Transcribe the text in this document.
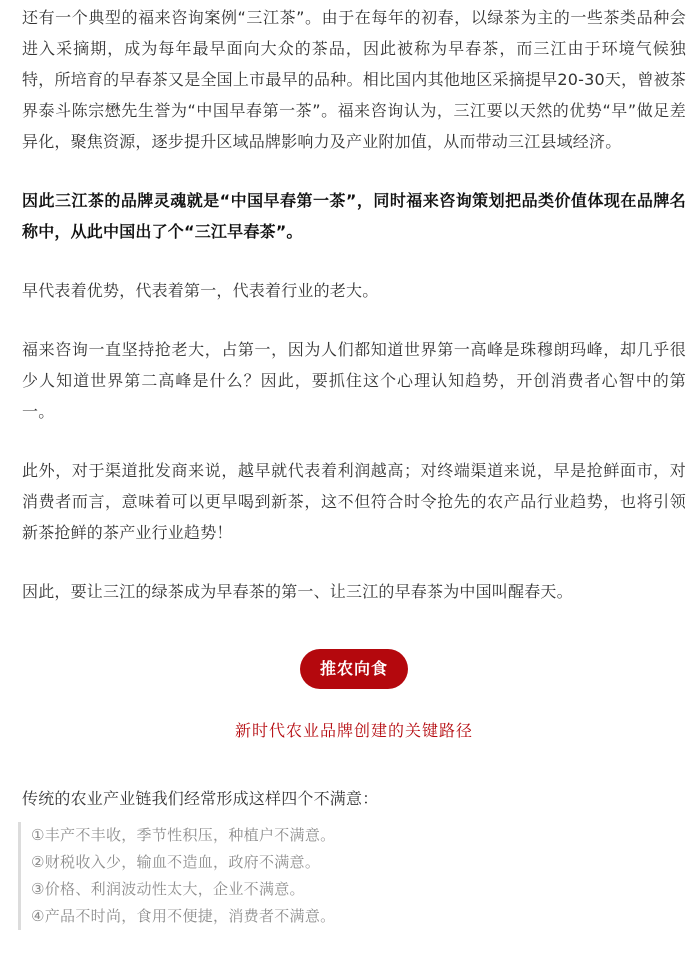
还有一个典型的福来咨询案例“三江茶”。由于在每年的初春，以绿茶为主的一些茶类品种会进入采摘期，成为每年最早面向大众的茶品，因此被称为早春茶，而三江由于环境气候独特，所培育的早春茶又是全国上市最早的品种。相比国内其他地区采摘提早20-30天，曾被茶界泰斗陈宗懋先生誉为“中国早春第一茶”。福来咨询认为，三江要以天然的优势“早”做足差异化，聚焦资源，逐步提升区域品牌影响力及产业附加值，从而带动三江县域经济。

因此三江茶的品牌灵魂就是“中国早春第一茶”，同时福来咨询策划把品类价值体现在品牌名称中，从此中国出了个“三江早春茶”。

早代表着优势，代表着第一，代表着行业的老大。

福来咨询一直坚持抢老大，占第一，因为人们都知道世界第一高峰是珠穆朗玛峰，却几乎很少人知道世界第二高峰是什么？因此，要抓住这个心理认知趋势，开创消费者心智中的第一。

此外，对于渠道批发商来说，越早就代表着利润越高；对终端渠道来说，早是抢鲜面市，对消费者而言，意味着可以更早喝到新茶，这不但符合时令抢先的农产品行业趋势，也将引领新茶抢鲜的茶产业行业趋势！

因此，要让三江的绿茶成为早春茶的第一、让三江的早春茶为中国叫醒春天。

推农向食
新时代农业品牌创建的关键路径

传统的农业产业链我们经常形成这样四个不满意：

①丰产不丰收，季节性积压，种植户不满意。
②财税收入少，输血不造血，政府不满意。
③价格、利润波动性太大，企业不满意。
④产品不时尚，食用不便捷，消费者不满意。
